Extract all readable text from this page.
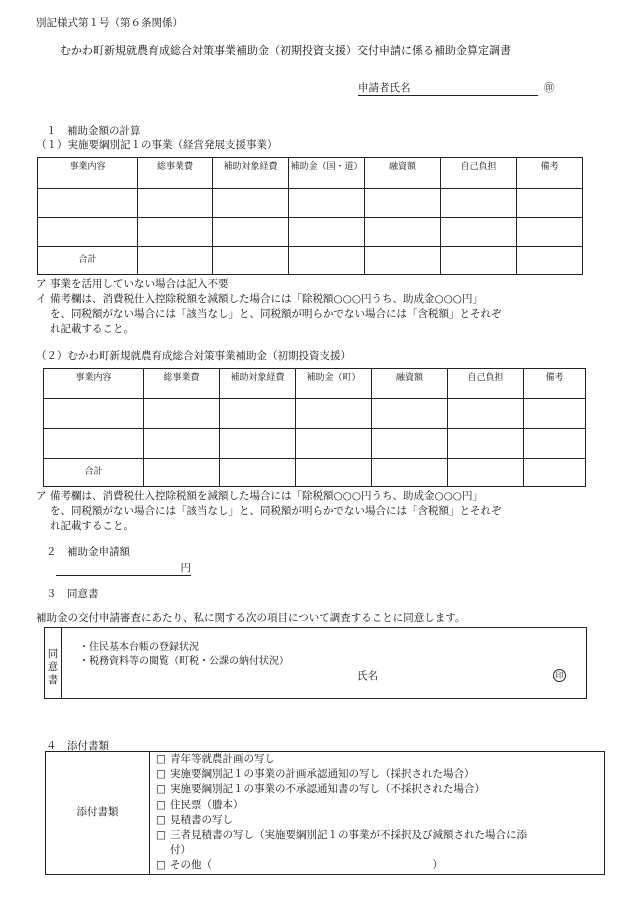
別記様式第１号（第６条関係）
むかわ町新規就農育成総合対策事業補助金（初期投資支援）交付申請に係る補助金算定調書
申請者氏名	㊞
１　補助金額の計算
（１）実施要綱別記１の事業（経営発展支援事業）
事業内容	総事業費	補助対象経費	補助金（国・道）	融資額	自己負担	備考

合計						
ア 事業を活用していない場合は記入不要
イ 備考欄は、消費税仕入控除税額を減額した場合には「除税額○○○円うち、助成金○○○円」
を、同税額がない場合には「該当なし」と、同税額が明らかでない場合には「含税額」とそれぞ
れ記載すること。
（２）むかわ町新規就農育成総合対策事業補助金（初期投資支援）
事業内容	総事業費	補助対象経費	補助金（町）	融資額	自己負担	備考

合計						
ア 備考欄は、消費税仕入控除税額を減額した場合には「除税額○○○円うち、助成金○○○円」
を、同税額がない場合には「該当なし」と、同税額が明らかでない場合には「含税額」とそれぞ
れ記載すること。
２　補助金申請額
円
３　同意書
補助金の交付申請審査にあたり、私に関する次の項目について調査することに同意します。
同意書
・住民基本台帳の登録状況
・税務資料等の閲覧（町税・公課の納付状況）
氏名	印
４　添付書類
添付書類	
□ 青年等就農計画の写し
□ 実施要綱別記１の事業の計画承認通知の写し（採択された場合）
□ 実施要綱別記１の事業の不承認通知書の写し（不採択された場合）
□ 住民票（謄本）
□ 見積書の写し
□ 三者見積書の写し（実施要綱別記１の事業が不採択及び減額された場合に添
付）
□ その他（　　　　　　　　　　　　　　　　　　　　　）
